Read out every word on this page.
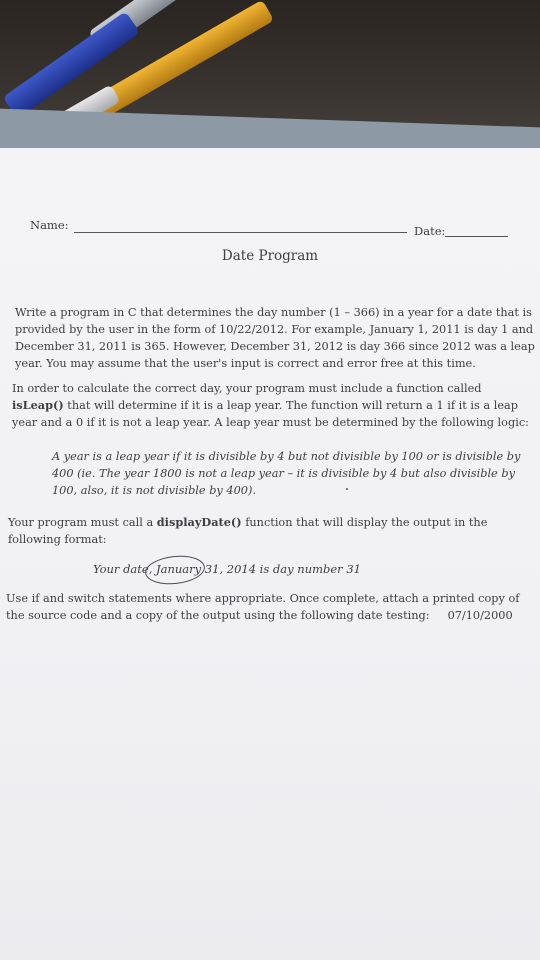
Name:	Date:
Date Program
Write a program in C that determines the day number (1 – 366) in a year for a date that is provided by the user in the form of 10/22/2012. For example, January 1, 2011 is day 1 and December 31, 2011 is 365. However, December 31, 2012 is day 366 since 2012 was a leap year. You may assume that the user's input is correct and error free at this time.
In order to calculate the correct day, your program must include a function called isLeap() that will determine if it is a leap year. The function will return a 1 if it is a leap year and a 0 if it is not a leap year. A leap year must be determined by the following logic:
A year is a leap year if it is divisible by 4 but not divisible by 100 or is divisible by 400 (ie. The year 1800 is not a leap year – it is divisible by 4 but also divisible by 100, also, it is not divisible by 400).
Your program must call a displayDate() function that will display the output in the following format:
Your date, January 31, 2014 is day number 31
Use if and switch statements where appropriate. Once complete, attach a printed copy of the source code and a copy of the output using the following date testing: 07/10/2000
